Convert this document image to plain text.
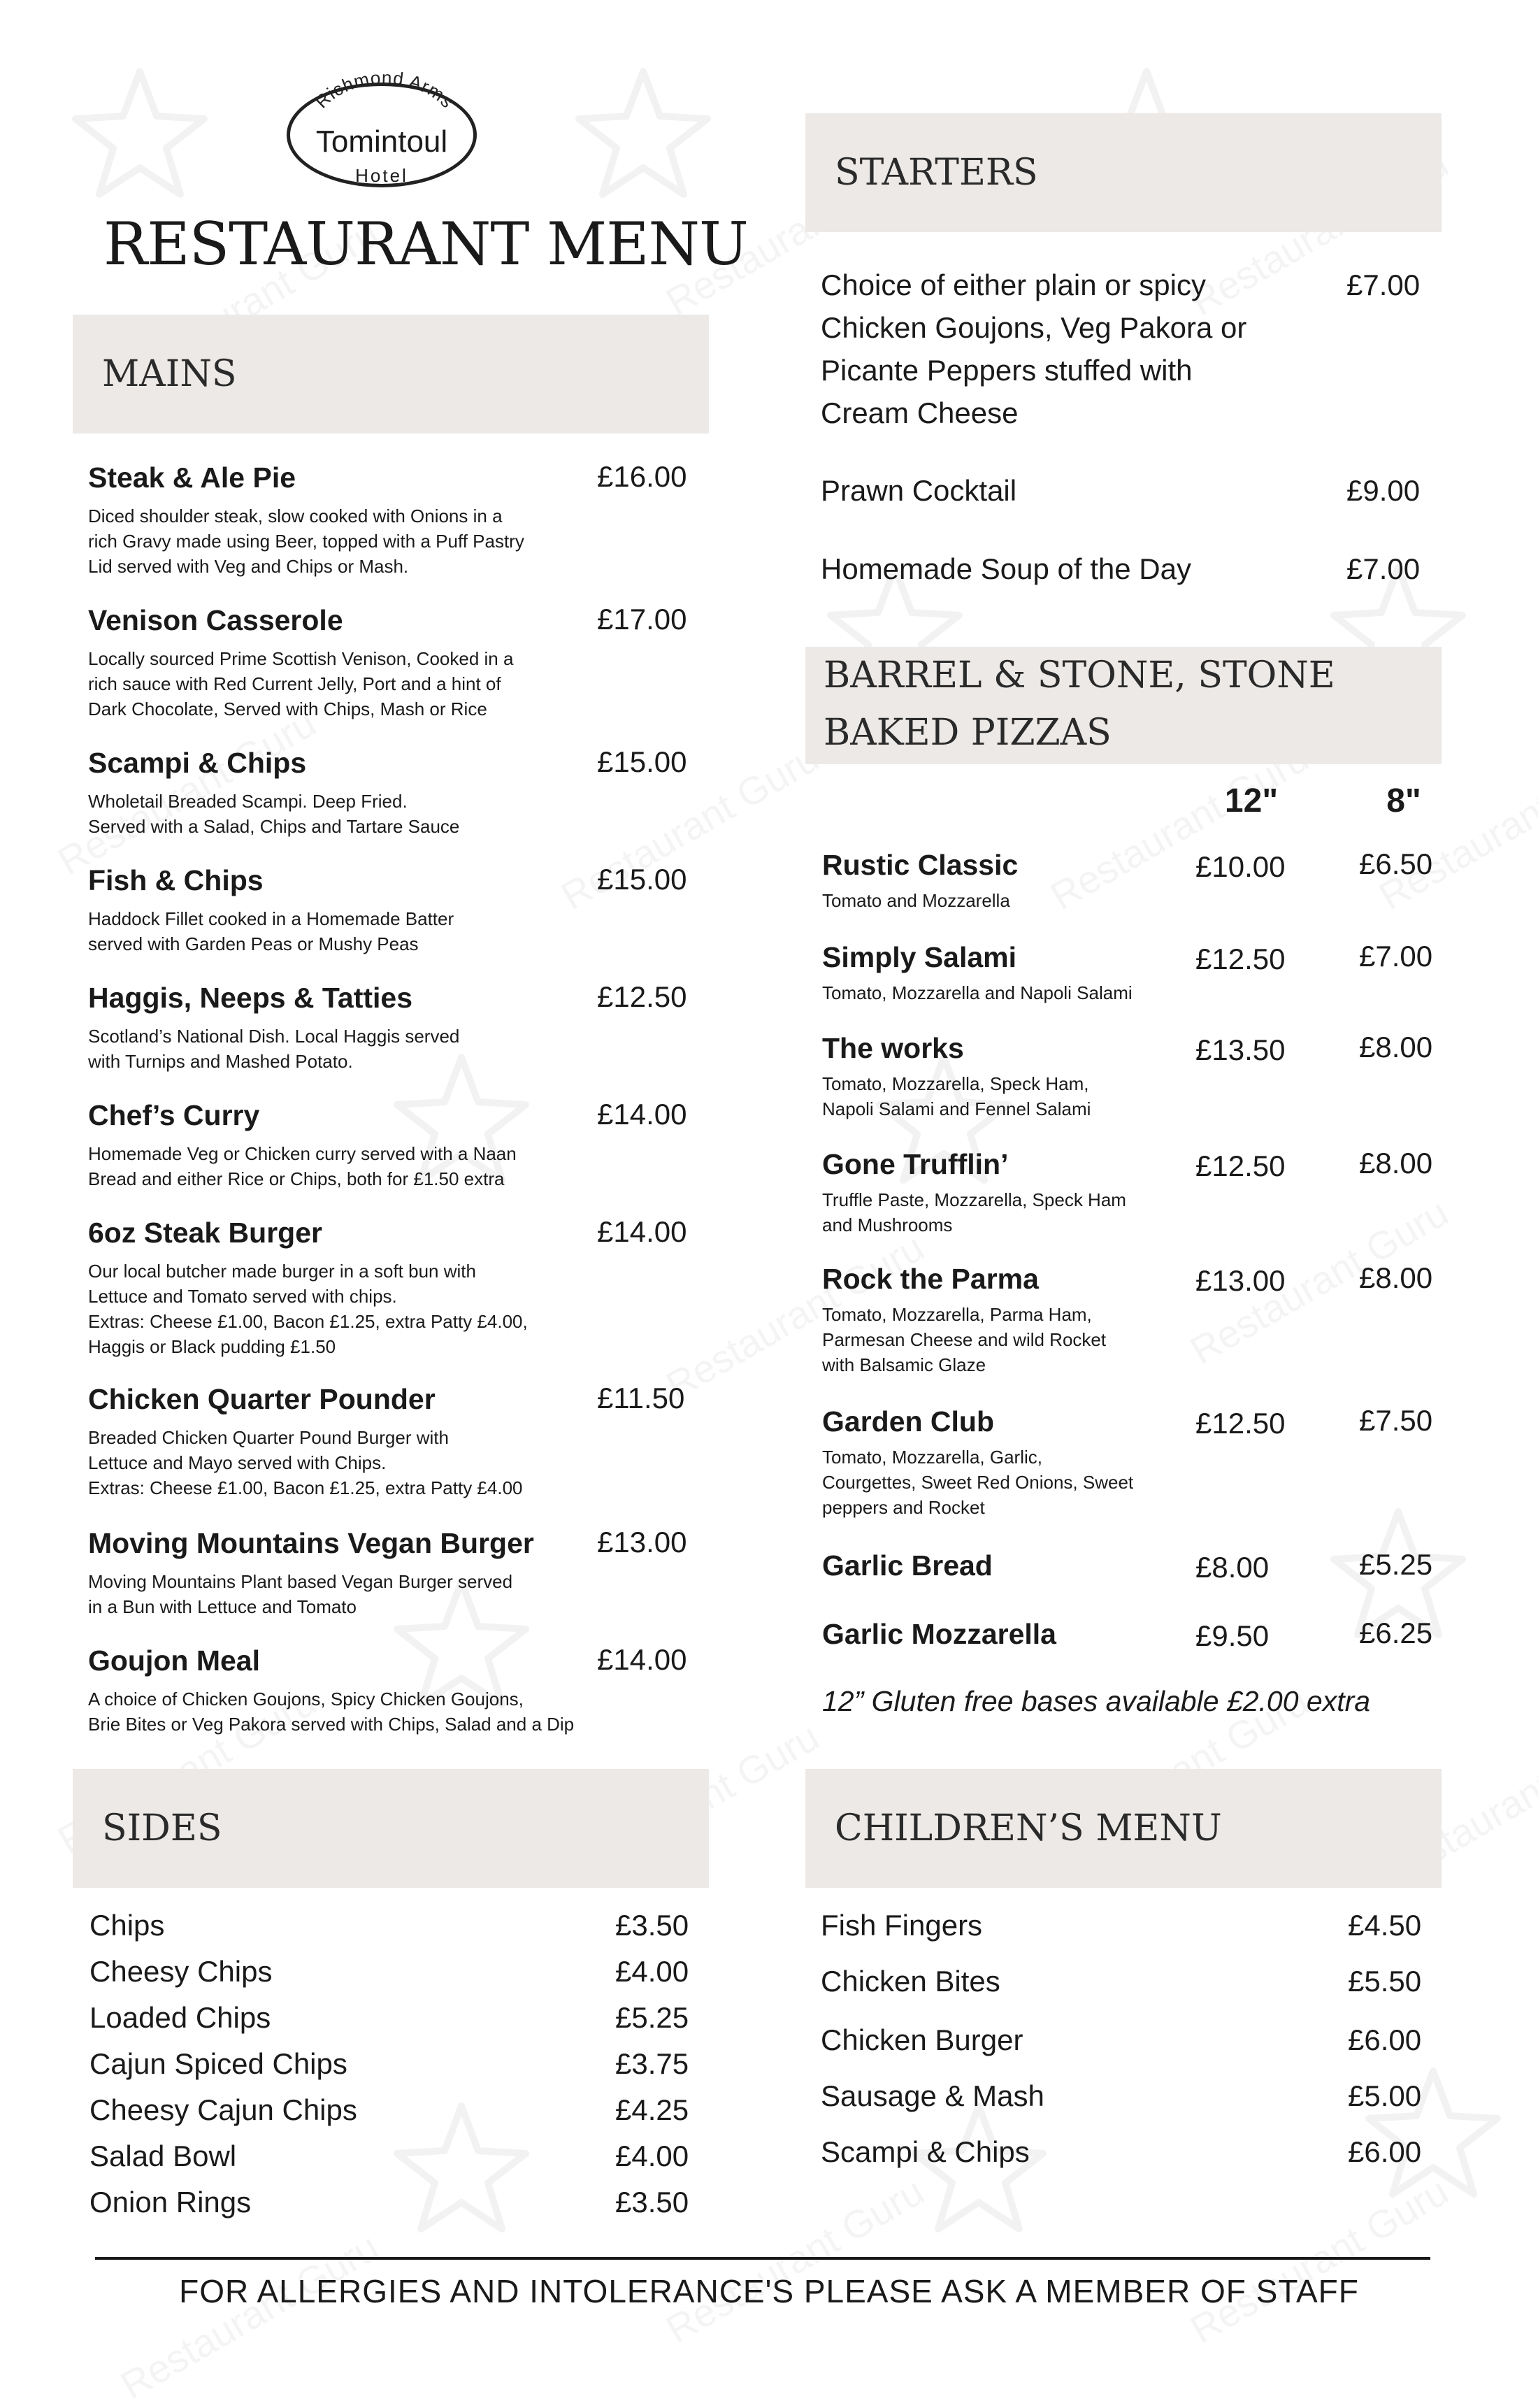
Richmond Arms
Tomintoul
Hotel
RESTAURANT MENU
MAINS
STARTERS
BARREL & STONE, STONE
BAKED PIZZAS
SIDES	CHILDREN’S MENU
Steak & Ale Pie	£16.00
Diced shoulder steak, slow cooked with Onions in a
rich Gravy made using Beer, topped with a Puff Pastry
Lid served with Veg and Chips or Mash.
Venison Casserole	£17.00
Locally sourced Prime Scottish Venison, Cooked in a
rich sauce with Red Current Jelly, Port and a hint of
Dark Chocolate, Served with Chips, Mash or Rice
Scampi & Chips	£15.00
Wholetail Breaded Scampi. Deep Fried.
Served with a Salad, Chips and Tartare Sauce
Fish & Chips	£15.00
Haddock Fillet cooked in a Homemade Batter
served with Garden Peas or Mushy Peas
Haggis, Neeps & Tatties	£12.50
Scotland’s National Dish. Local Haggis served
with Turnips and Mashed Potato.
Chef’s Curry	£14.00
Homemade Veg or Chicken curry served with a Naan
Bread and either Rice or Chips, both for £1.50 extra
6oz Steak Burger	£14.00
Our local butcher made burger in a soft bun with
Lettuce and Tomato served with chips.
Extras: Cheese £1.00, Bacon £1.25, extra Patty £4.00,
Haggis or Black pudding £1.50
Chicken Quarter Pounder	£11.50
Breaded Chicken Quarter Pound Burger with
Lettuce and Mayo served with Chips.
Extras: Cheese £1.00, Bacon £1.25, extra Patty £4.00
Moving Mountains Vegan Burger £13.00
Moving Mountains Plant based Vegan Burger served
in a Bun with Lettuce and Tomato
Goujon Meal	£14.00
A choice of Chicken Goujons, Spicy Chicken Goujons,
Brie Bites or Veg Pakora served with Chips, Salad and a Dip
Choice of either plain or spicy
Chicken Goujons, Veg Pakora or
Picante Peppers stuffed with
Cream Cheese
£7.00
Prawn Cocktail	£9.00
Homemade Soup of the Day	£7.00
12"	8"
Rustic Classic	£10.00	£6.50
Tomato and Mozzarella
Simply Salami	£12.50	£7.00
Tomato, Mozzarella and Napoli Salami
The works	£13.50	£8.00
Tomato, Mozzarella, Speck Ham,
Napoli Salami and Fennel Salami
Gone Trufflin’	£12.50	£8.00
Truffle Paste, Mozzarella, Speck Ham
and Mushrooms
Rock the Parma	£13.00	£8.00
Tomato, Mozzarella, Parma Ham,
Parmesan Cheese and wild Rocket
with Balsamic Glaze
Garden Club	£12.50	£7.50
Tomato, Mozzarella, Garlic,
Courgettes, Sweet Red Onions, Sweet
peppers and Rocket
Garlic Bread	£8.00	£5.25
Garlic Mozzarella	£9.50	£6.25
12” Gluten free bases available £2.00 extra
Chips	£3.50
Cheesy Chips	£4.00
Loaded Chips	£5.25
Cajun Spiced Chips	£3.75
Cheesy Cajun Chips	£4.25
Salad Bowl	£4.00
Onion Rings	£3.50
Fish Fingers	£4.50
Chicken Bites	£5.50
Chicken Burger	£6.00
Sausage & Mash	£5.00
Scampi & Chips	£6.00
FOR ALLERGIES AND INTOLERANCE'S PLEASE ASK A MEMBER OF STAFF
